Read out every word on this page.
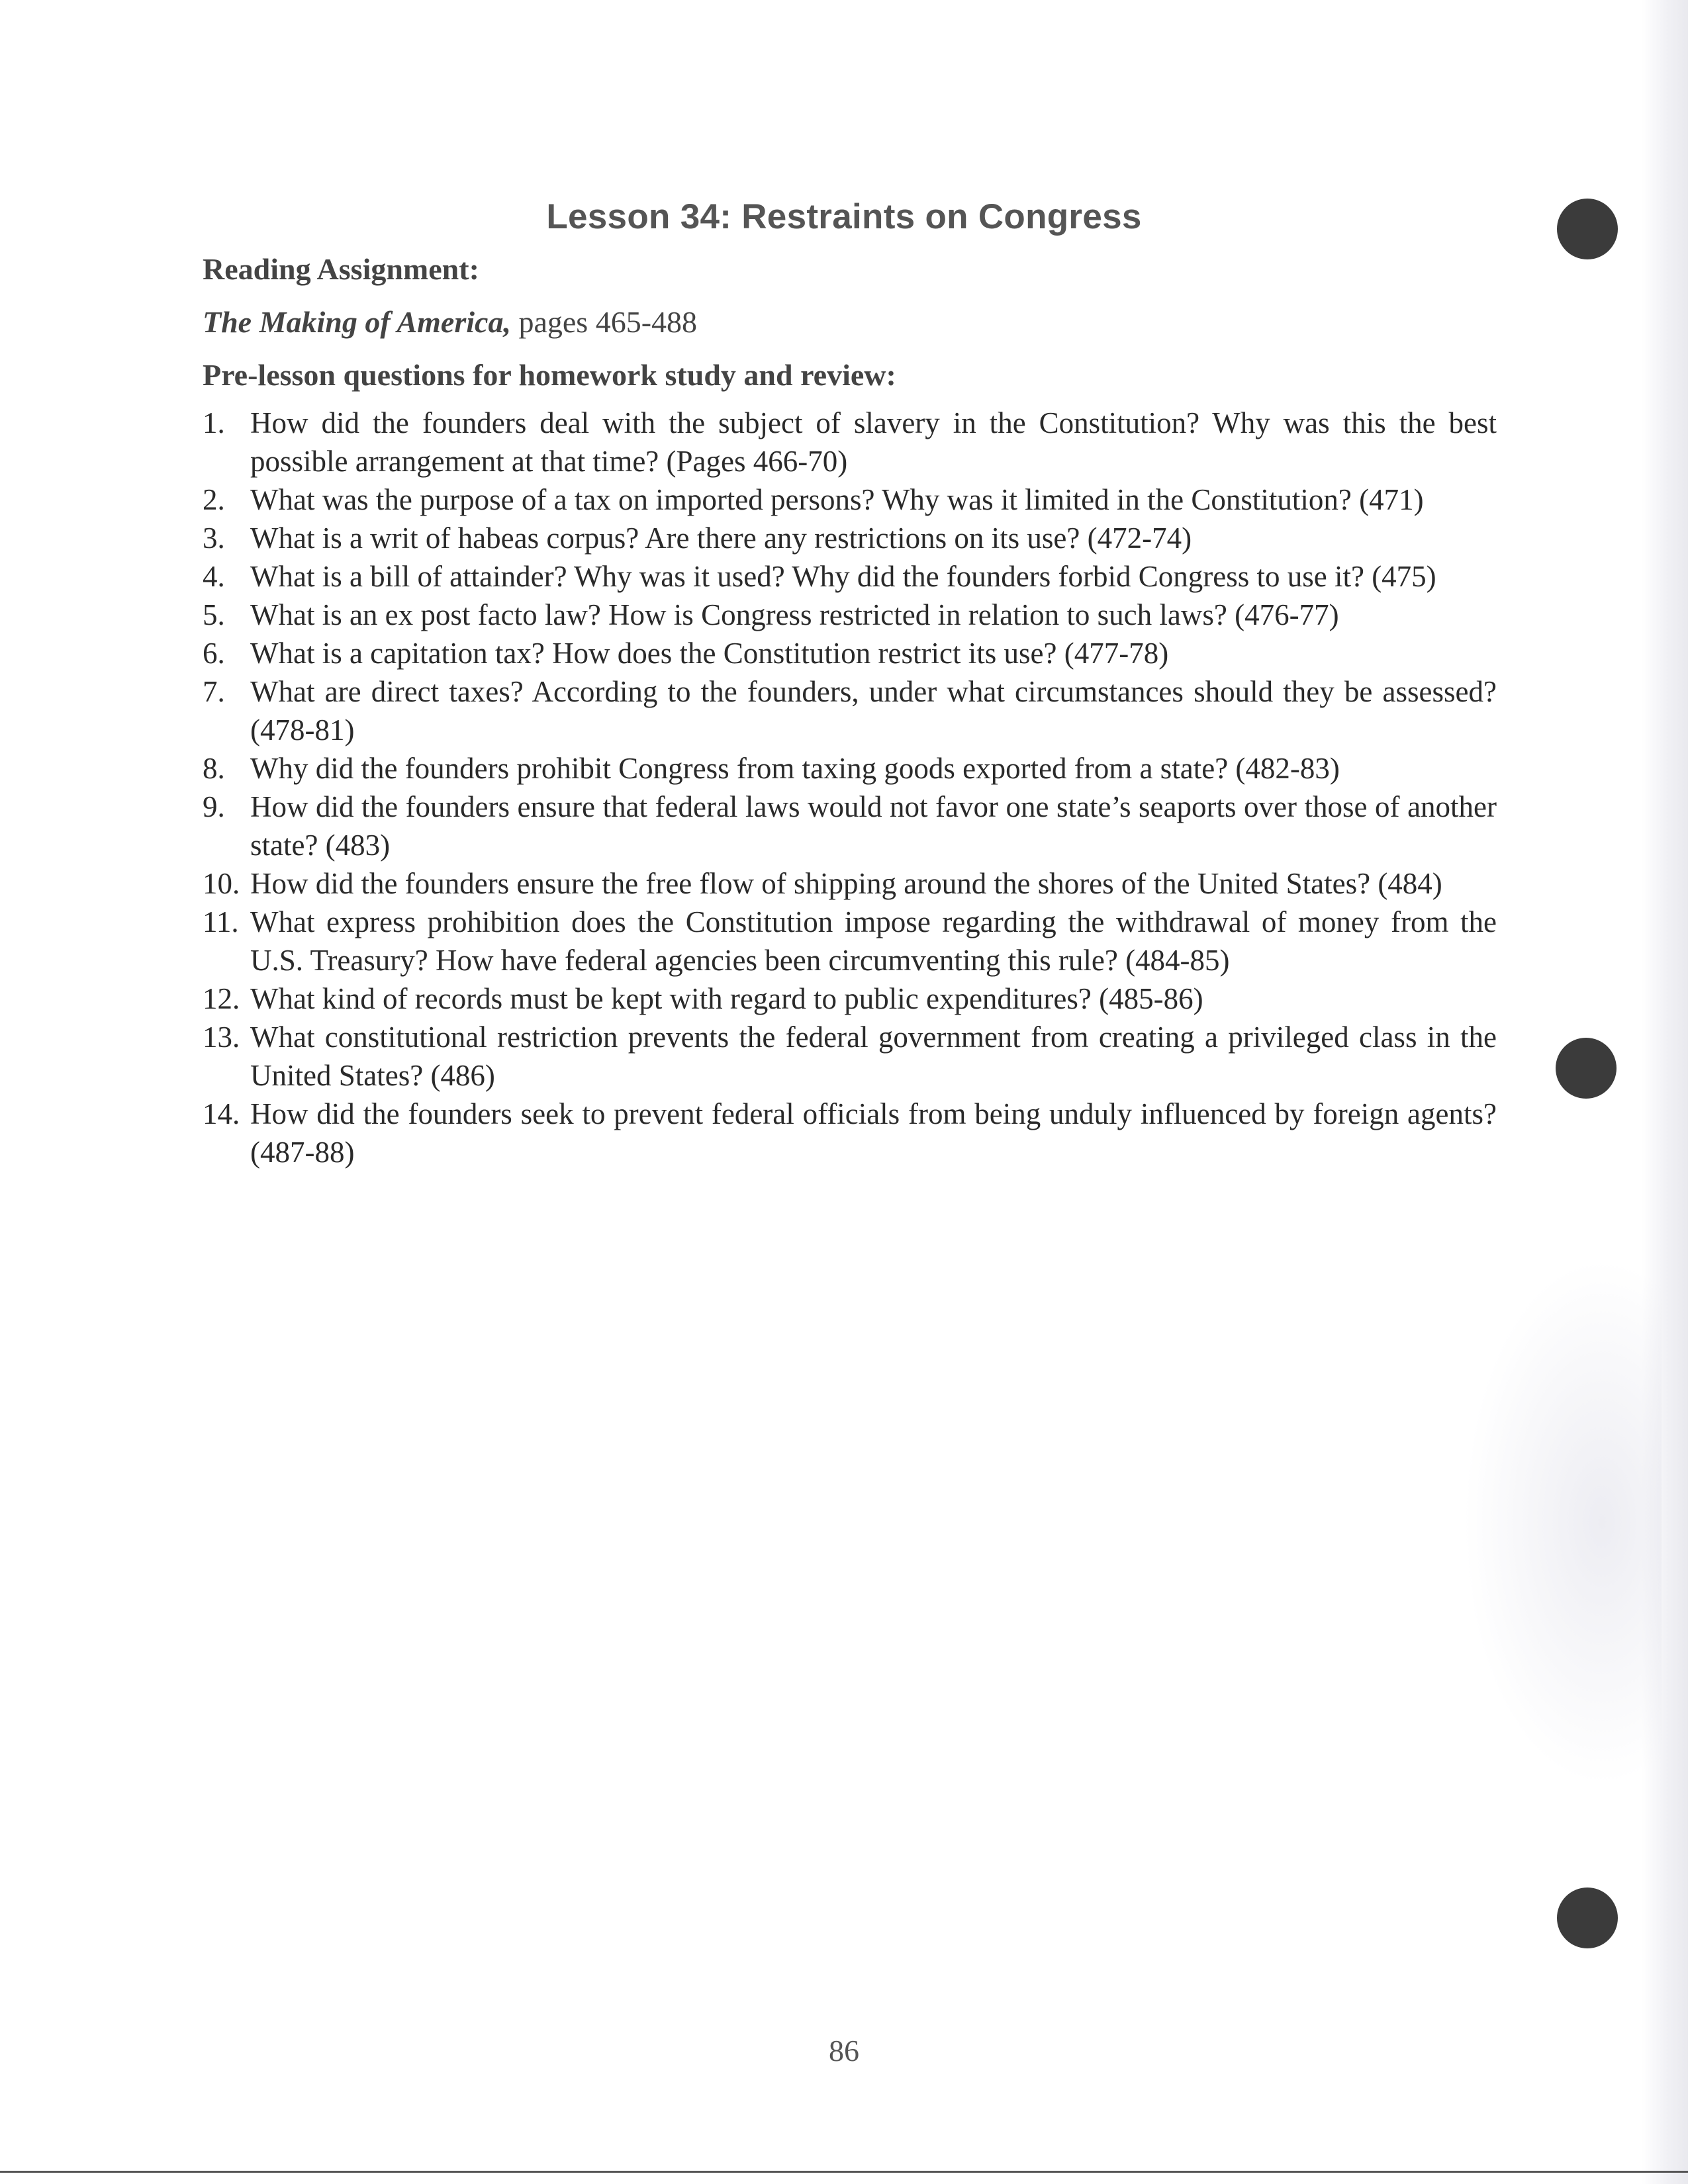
Lesson 34: Restraints on Congress
Reading Assignment:
The Making of America, pages 465-488
Pre-lesson questions for homework study and review:
1. How did the founders deal with the subject of slavery in the Constitution? Why was this the best possible arrangement at that time? (Pages 466-70)
2. What was the purpose of a tax on imported persons? Why was it limited in the Constitution? (471)
3. What is a writ of habeas corpus? Are there any restrictions on its use? (472-74)
4. What is a bill of attainder? Why was it used? Why did the founders forbid Congress to use it? (475)
5. What is an ex post facto law? How is Congress restricted in relation to such laws? (476-77)
6. What is a capitation tax? How does the Constitution restrict its use? (477-78)
7. What are direct taxes? According to the founders, under what circumstances should they be assessed? (478-81)
8. Why did the founders prohibit Congress from taxing goods exported from a state? (482-83)
9. How did the founders ensure that federal laws would not favor one state’s seaports over those of another state? (483)
10. How did the founders ensure the free flow of shipping around the shores of the United States? (484)
11. What express prohibition does the Constitution impose regarding the withdrawal of money from the U.S. Treasury? How have federal agencies been circumventing this rule? (484-85)
12. What kind of records must be kept with regard to public expenditures? (485-86)
13. What constitutional restriction prevents the federal government from creating a privileged class in the United States? (486)
14. How did the founders seek to prevent federal officials from being unduly influenced by foreign agents? (487-88)
86
